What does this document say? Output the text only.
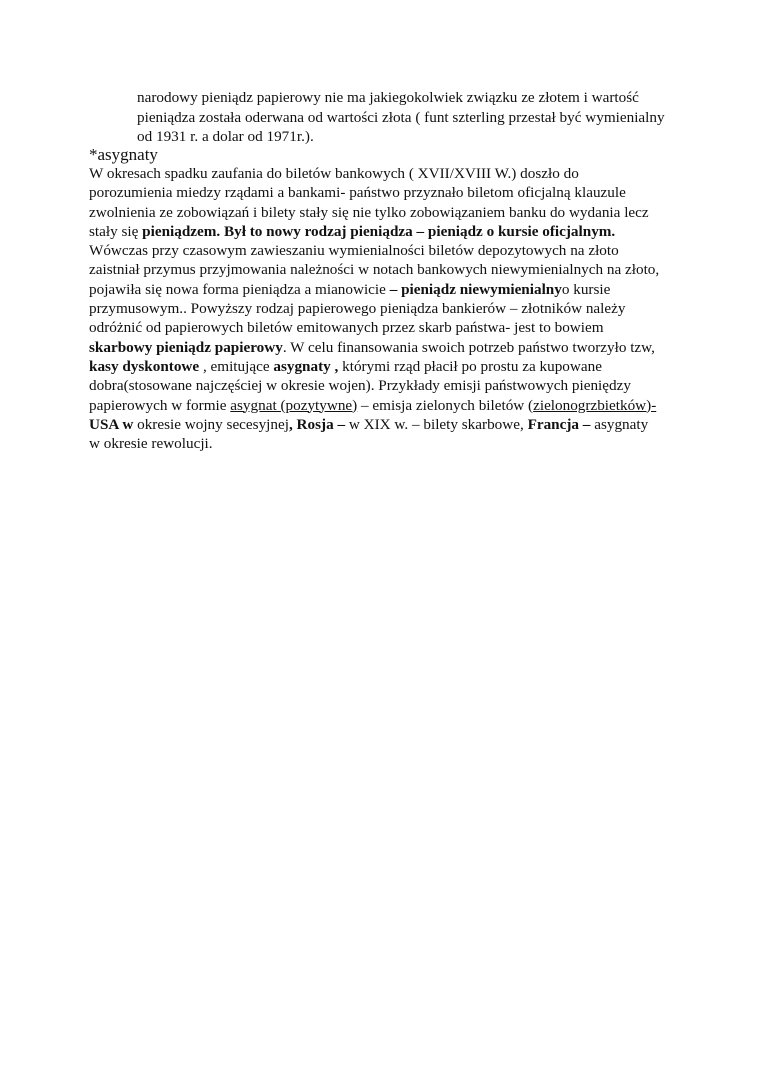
narodowy pieniądz papierowy nie ma jakiegokolwiek związku ze złotem i wartość
pieniądza została oderwana od wartości złota ( funt szterling przestał być wymienialny
od 1931 r. a dolar od 1971r.).
*asygnaty
W okresach spadku zaufania do biletów bankowych ( XVII/XVIII W.) doszło do
porozumienia miedzy rządami a bankami- państwo przyznało biletom oficjalną klauzule
zwolnienia ze zobowiązań i bilety stały się nie tylko zobowiązaniem banku do wydania lecz
stały się pieniądzem. Był to nowy rodzaj pieniądza – pieniądz o kursie oficjalnym.
Wówczas przy czasowym zawieszaniu wymienialności biletów depozytowych na złoto
zaistniał przymus przyjmowania należności w notach bankowych niewymienialnych na złoto,
pojawiła się nowa forma pieniądza a mianowicie – pieniądz niewymienialnyo kursie
przymusowym.. Powyższy rodzaj papierowego pieniądza bankierów – złotników należy
odróżnić od papierowych biletów emitowanych przez skarb państwa- jest to bowiem
skarbowy pieniądz papierowy. W celu finansowania swoich potrzeb państwo tworzyło tzw,
kasy dyskontowe , emitujące asygnaty , którymi rząd płacił po prostu za kupowane
dobra(stosowane najczęściej w okresie wojen). Przykłady emisji państwowych pieniędzy
papierowych w formie asygnat (pozytywne) – emisja zielonych biletów (zielonogrzbietków)-
USA w okresie wojny secesyjnej, Rosja – w XIX w. – bilety skarbowe, Francja – asygnaty
w okresie rewolucji.
